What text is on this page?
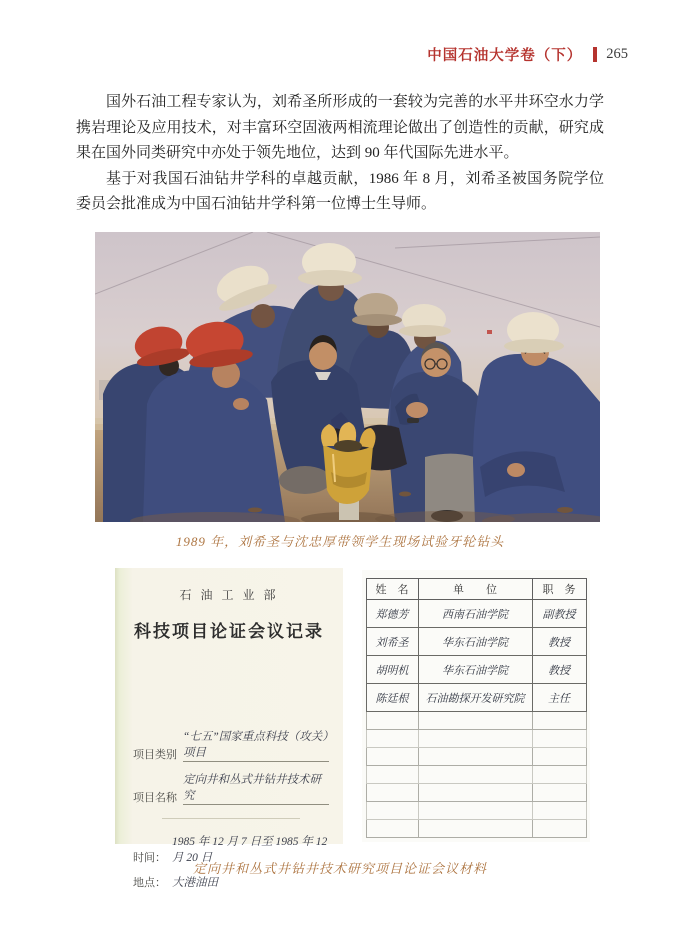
中国石油大学卷（下） 265

国外石油工程专家认为，刘希圣所形成的一套较为完善的水平井环空水力学携岩理论及应用技术，对丰富环空固液两相流理论做出了创造性的贡献，研究成果在国外同类研究中亦处于领先地位，达到 90 年代国际先进水平。

基于对我国石油钻井学科的卓越贡献，1986 年 8 月，刘希圣被国务院学位委员会批准成为中国石油钻井学科第一位博士生导师。

1989 年，刘希圣与沈忠厚带领学生现场试验牙轮钻头

石 油 工 业 部

科技项目论证会议记录

项目类别
“七五”国家重点科技（攻关）项目
项目名称
定向井和丛式井钻井技术研究
时间：
1985 年 12 月 7 日至 1985 年 12 月 20 日
地点： 大港油田
姓　名	单　　位	职　务
郑德芳	西南石油学院	副教授
刘希圣	华东石油学院	教授
胡明机	华东石油学院	教授
陈廷根	石油勘探开发研究院	主任

定向井和丛式井钻井技术研究项目论证会议材料
